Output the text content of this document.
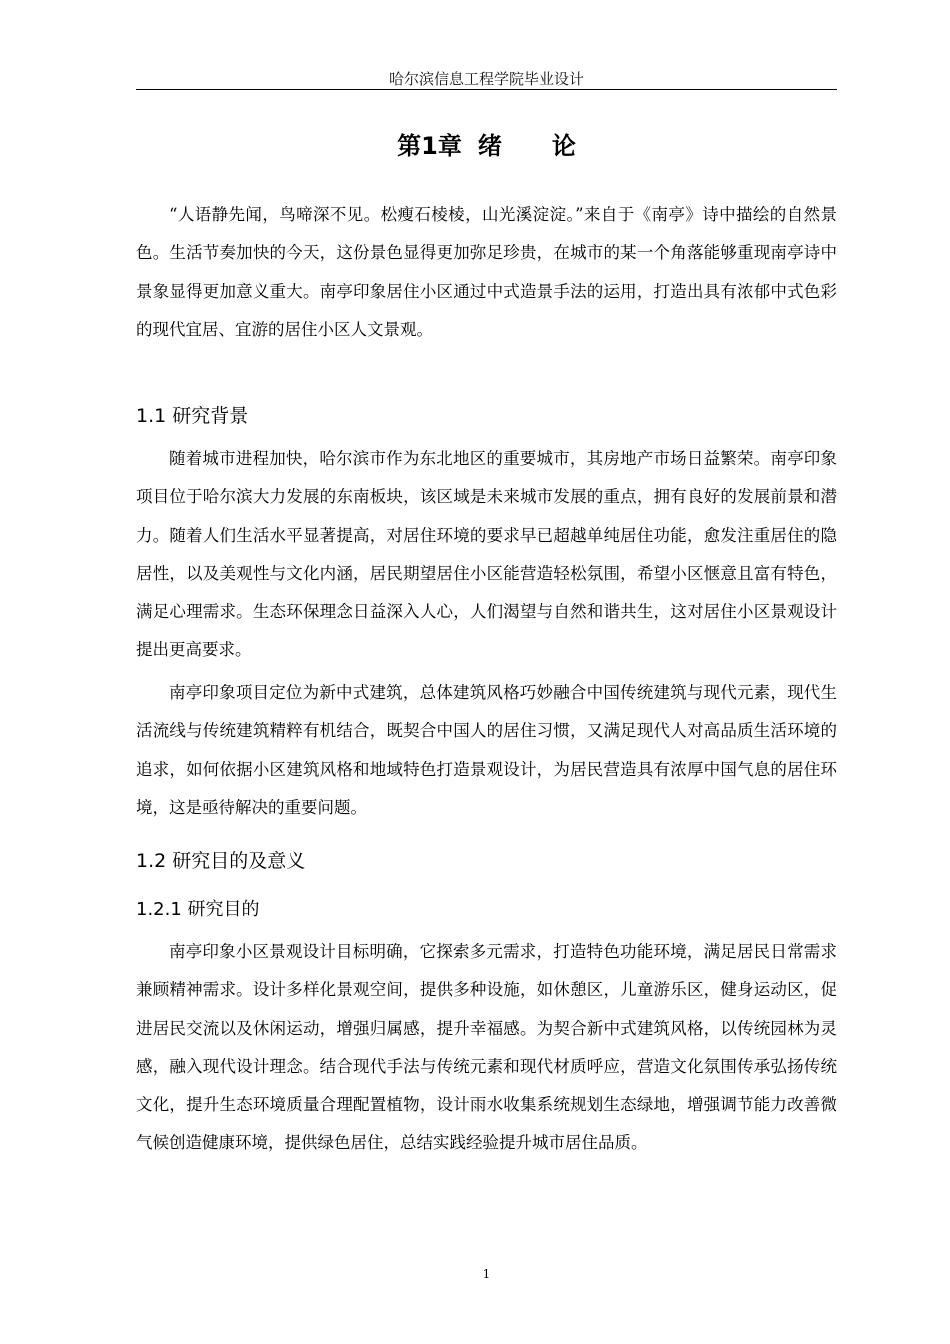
哈尔滨信息工程学院毕业设计
第1章 绪 论

“人语静先闻，鸟啼深不见。松瘦石棱棱，山光溪淀淀。”来自于《南亭》诗中描绘的自然景色。生活节奏加快的今天，这份景色显得更加弥足珍贵，在城市的某一个角落能够重现南亭诗中景象显得更加意义重大。南亭印象居住小区通过中式造景手法的运用，打造出具有浓郁中式色彩的现代宜居、宜游的居住小区人文景观。

1.1 研究背景

随着城市进程加快，哈尔滨市作为东北地区的重要城市，其房地产市场日益繁荣。南亭印象项目位于哈尔滨大力发展的东南板块，该区域是未来城市发展的重点，拥有良好的发展前景和潜力。随着人们生活水平显著提高，对居住环境的要求早已超越单纯居住功能，愈发注重居住的隐居性，以及美观性与文化内涵，居民期望居住小区能营造轻松氛围，希望小区惬意且富有特色，满足心理需求。生态环保理念日益深入人心，人们渴望与自然和谐共生，这对居住小区景观设计提出更高要求。

南亭印象项目定位为新中式建筑，总体建筑风格巧妙融合中国传统建筑与现代元素，现代生活流线与传统建筑精粹有机结合，既契合中国人的居住习惯，又满足现代人对高品质生活环境的追求，如何依据小区建筑风格和地域特色打造景观设计，为居民营造具有浓厚中国气息的居住环境，这是亟待解决的重要问题。

1.2 研究目的及意义
1.2.1 研究目的

南亭印象小区景观设计目标明确，它探索多元需求，打造特色功能环境，满足居民日常需求兼顾精神需求。设计多样化景观空间，提供多种设施，如休憩区，儿童游乐区，健身运动区，促进居民交流以及休闲运动，增强归属感，提升幸福感。为契合新中式建筑风格，以传统园林为灵感，融入现代设计理念。结合现代手法与传统元素和现代材质呼应，营造文化氛围传承弘扬传统文化，提升生态环境质量合理配置植物，设计雨水收集系统规划生态绿地，增强调节能力改善微气候创造健康环境，提供绿色居住，总结实践经验提升城市居住品质。

1
